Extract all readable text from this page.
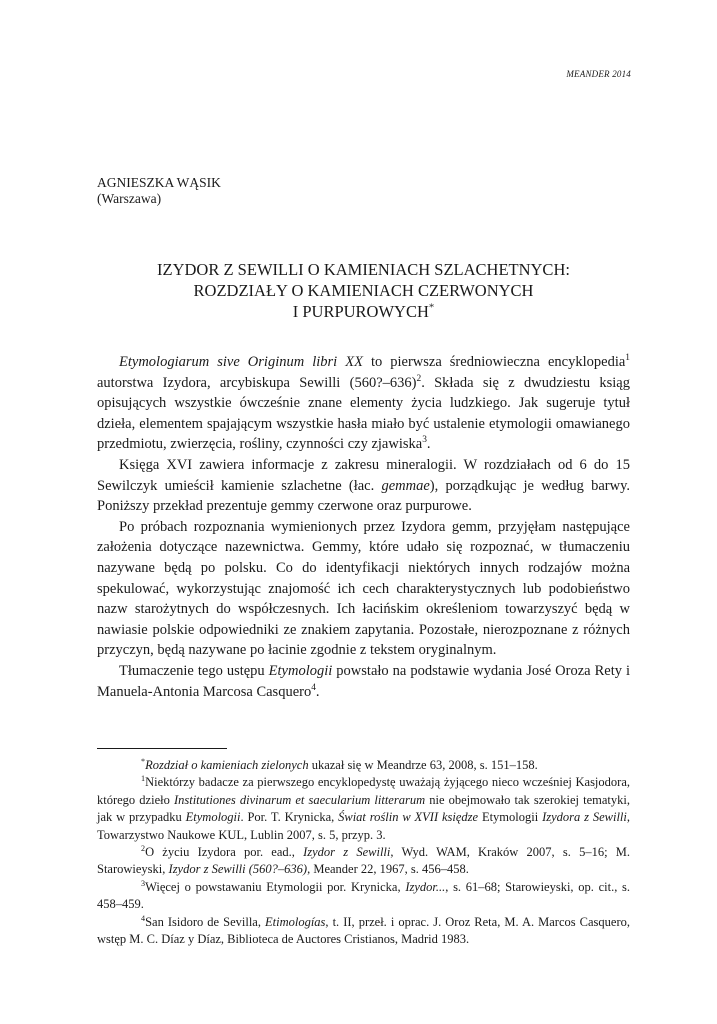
MEANDER 2014
AGNIESZKA WĄSIK
(Warszawa)
IZYDOR Z SEWILLI O KAMIENIACH SZLACHETNYCH:
ROZDZIAŁY O KAMIENIACH CZERWONYCH
I PURPUROWYCH*

Etymologiarum sive Originum libri XX to pierwsza średniowieczna encyklopedia$^1$ autorstwa Izydora, arcybiskupa Sewilli (560?–636)$^2$. Składa się z dwudziestu ksiąg opisujących wszystkie ówcześnie znane elementy życia ludzkiego. Jak sugeruje tytuł dzieła, elementem spajającym wszystkie hasła miało być ustalenie etymologii omawianego przedmiotu, zwierzęcia, rośliny, czynności czy zjawiska$^3$.

Księga XVI zawiera informacje z zakresu mineralogii. W rozdziałach od 6 do 15 Sewilczyk umieścił kamienie szlachetne (łac. gemmae), porządkując je według barwy. Poniższy przekład prezentuje gemmy czerwone oraz purpurowe.

Po próbach rozpoznania wymienionych przez Izydora gemm, przyjęłam następujące założenia dotyczące nazewnictwa. Gemmy, które udało się rozpoznać, w tłumaczeniu nazywane będą po polsku. Co do identyfikacji niektórych innych rodzajów można spekulować, wykorzystując znajomość ich cech charakterystycznych lub podobieństwo nazw starożytnych do współczesnych. Ich łacińskim określeniom towarzyszyć będą w nawiasie polskie odpowiedniki ze znakiem zapytania. Pozostałe, nierozpoznane z różnych przyczyn, będą nazywane po łacinie zgodnie z tekstem oryginalnym.

Tłumaczenie tego ustępu Etymologii powstało na podstawie wydania José Oroza Rety i Manuela-Antonia Marcosa Casquero$^4$.

*Rozdział o kamieniach zielonych ukazał się w Meandrze 63, 2008, s. 151–158.

$^1$Niektórzy badacze za pierwszego encyklopedystę uważają żyjącego nieco wcześniej Kasjodora, którego dzieło Institutiones divinarum et saecularium litterarum nie obejmowało tak szerokiej tematyki, jak w przypadku Etymologii. Por. T. Krynicka, Świat roślin w XVII księdze Etymologii Izydora z Sewilli, Towarzystwo Naukowe KUL, Lublin 2007, s. 5, przyp. 3.

$^2$O życiu Izydora por. ead., Izydor z Sewilli, Wyd. WAM, Kraków 2007, s. 5–16; M. Starowieyski, Izydor z Sewilli (560?–636), Meander 22, 1967, s. 456–458.

$^3$Więcej o powstawaniu Etymologii por. Krynicka, Izydor..., s. 61–68; Starowieyski, op. cit., s. 458–459.

$^4$San Isidoro de Sevilla, Etimologías, t. II, przeł. i oprac. J. Oroz Reta, M. A. Marcos Casquero, wstęp M. C. Díaz y Díaz, Biblioteca de Auctores Cristianos, Madrid 1983.
